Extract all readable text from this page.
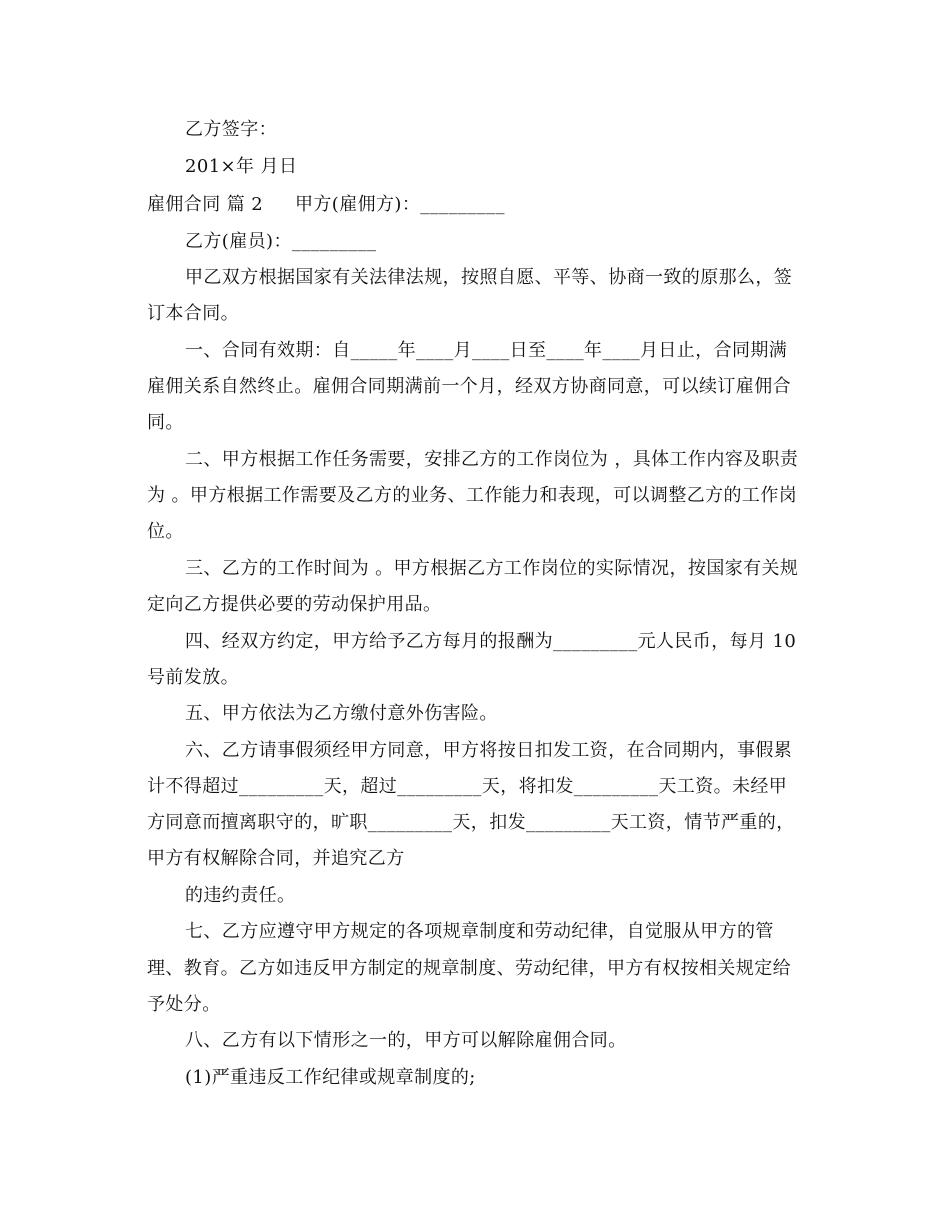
乙方签字：
201×年 月日
雇佣合同 篇 2 甲方(雇佣方)：_________
乙方(雇员)：_________
甲乙双方根据国家有关法律法规，按照自愿、平等、协商一致的原那么，签
订本合同。
一、合同有效期：自_____年____月____日至____年____月日止，合同期满
雇佣关系自然终止。雇佣合同期满前一个月，经双方协商同意，可以续订雇佣合
同。
二、甲方根据工作任务需要，安排乙方的工作岗位为 ，具体工作内容及职责
为 。甲方根据工作需要及乙方的业务、工作能力和表现，可以调整乙方的工作岗
位。
三、乙方的工作时间为 。甲方根据乙方工作岗位的实际情况，按国家有关规
定向乙方提供必要的劳动保护用品。
四、经双方约定，甲方给予乙方每月的报酬为_________元人民币，每月 10
号前发放。
五、甲方依法为乙方缴付意外伤害险。
六、乙方请事假须经甲方同意，甲方将按日扣发工资，在合同期内，事假累
计不得超过_________天，超过_________天，将扣发_________天工资。未经甲
方同意而擅离职守的，旷职_________天，扣发_________天工资，情节严重的，
甲方有权解除合同，并追究乙方
的违约责任。
七、乙方应遵守甲方规定的各项规章制度和劳动纪律，自觉服从甲方的管
理、教育。乙方如违反甲方制定的规章制度、劳动纪律，甲方有权按相关规定给
予处分。
八、乙方有以下情形之一的，甲方可以解除雇佣合同。
(1)严重违反工作纪律或规章制度的;
